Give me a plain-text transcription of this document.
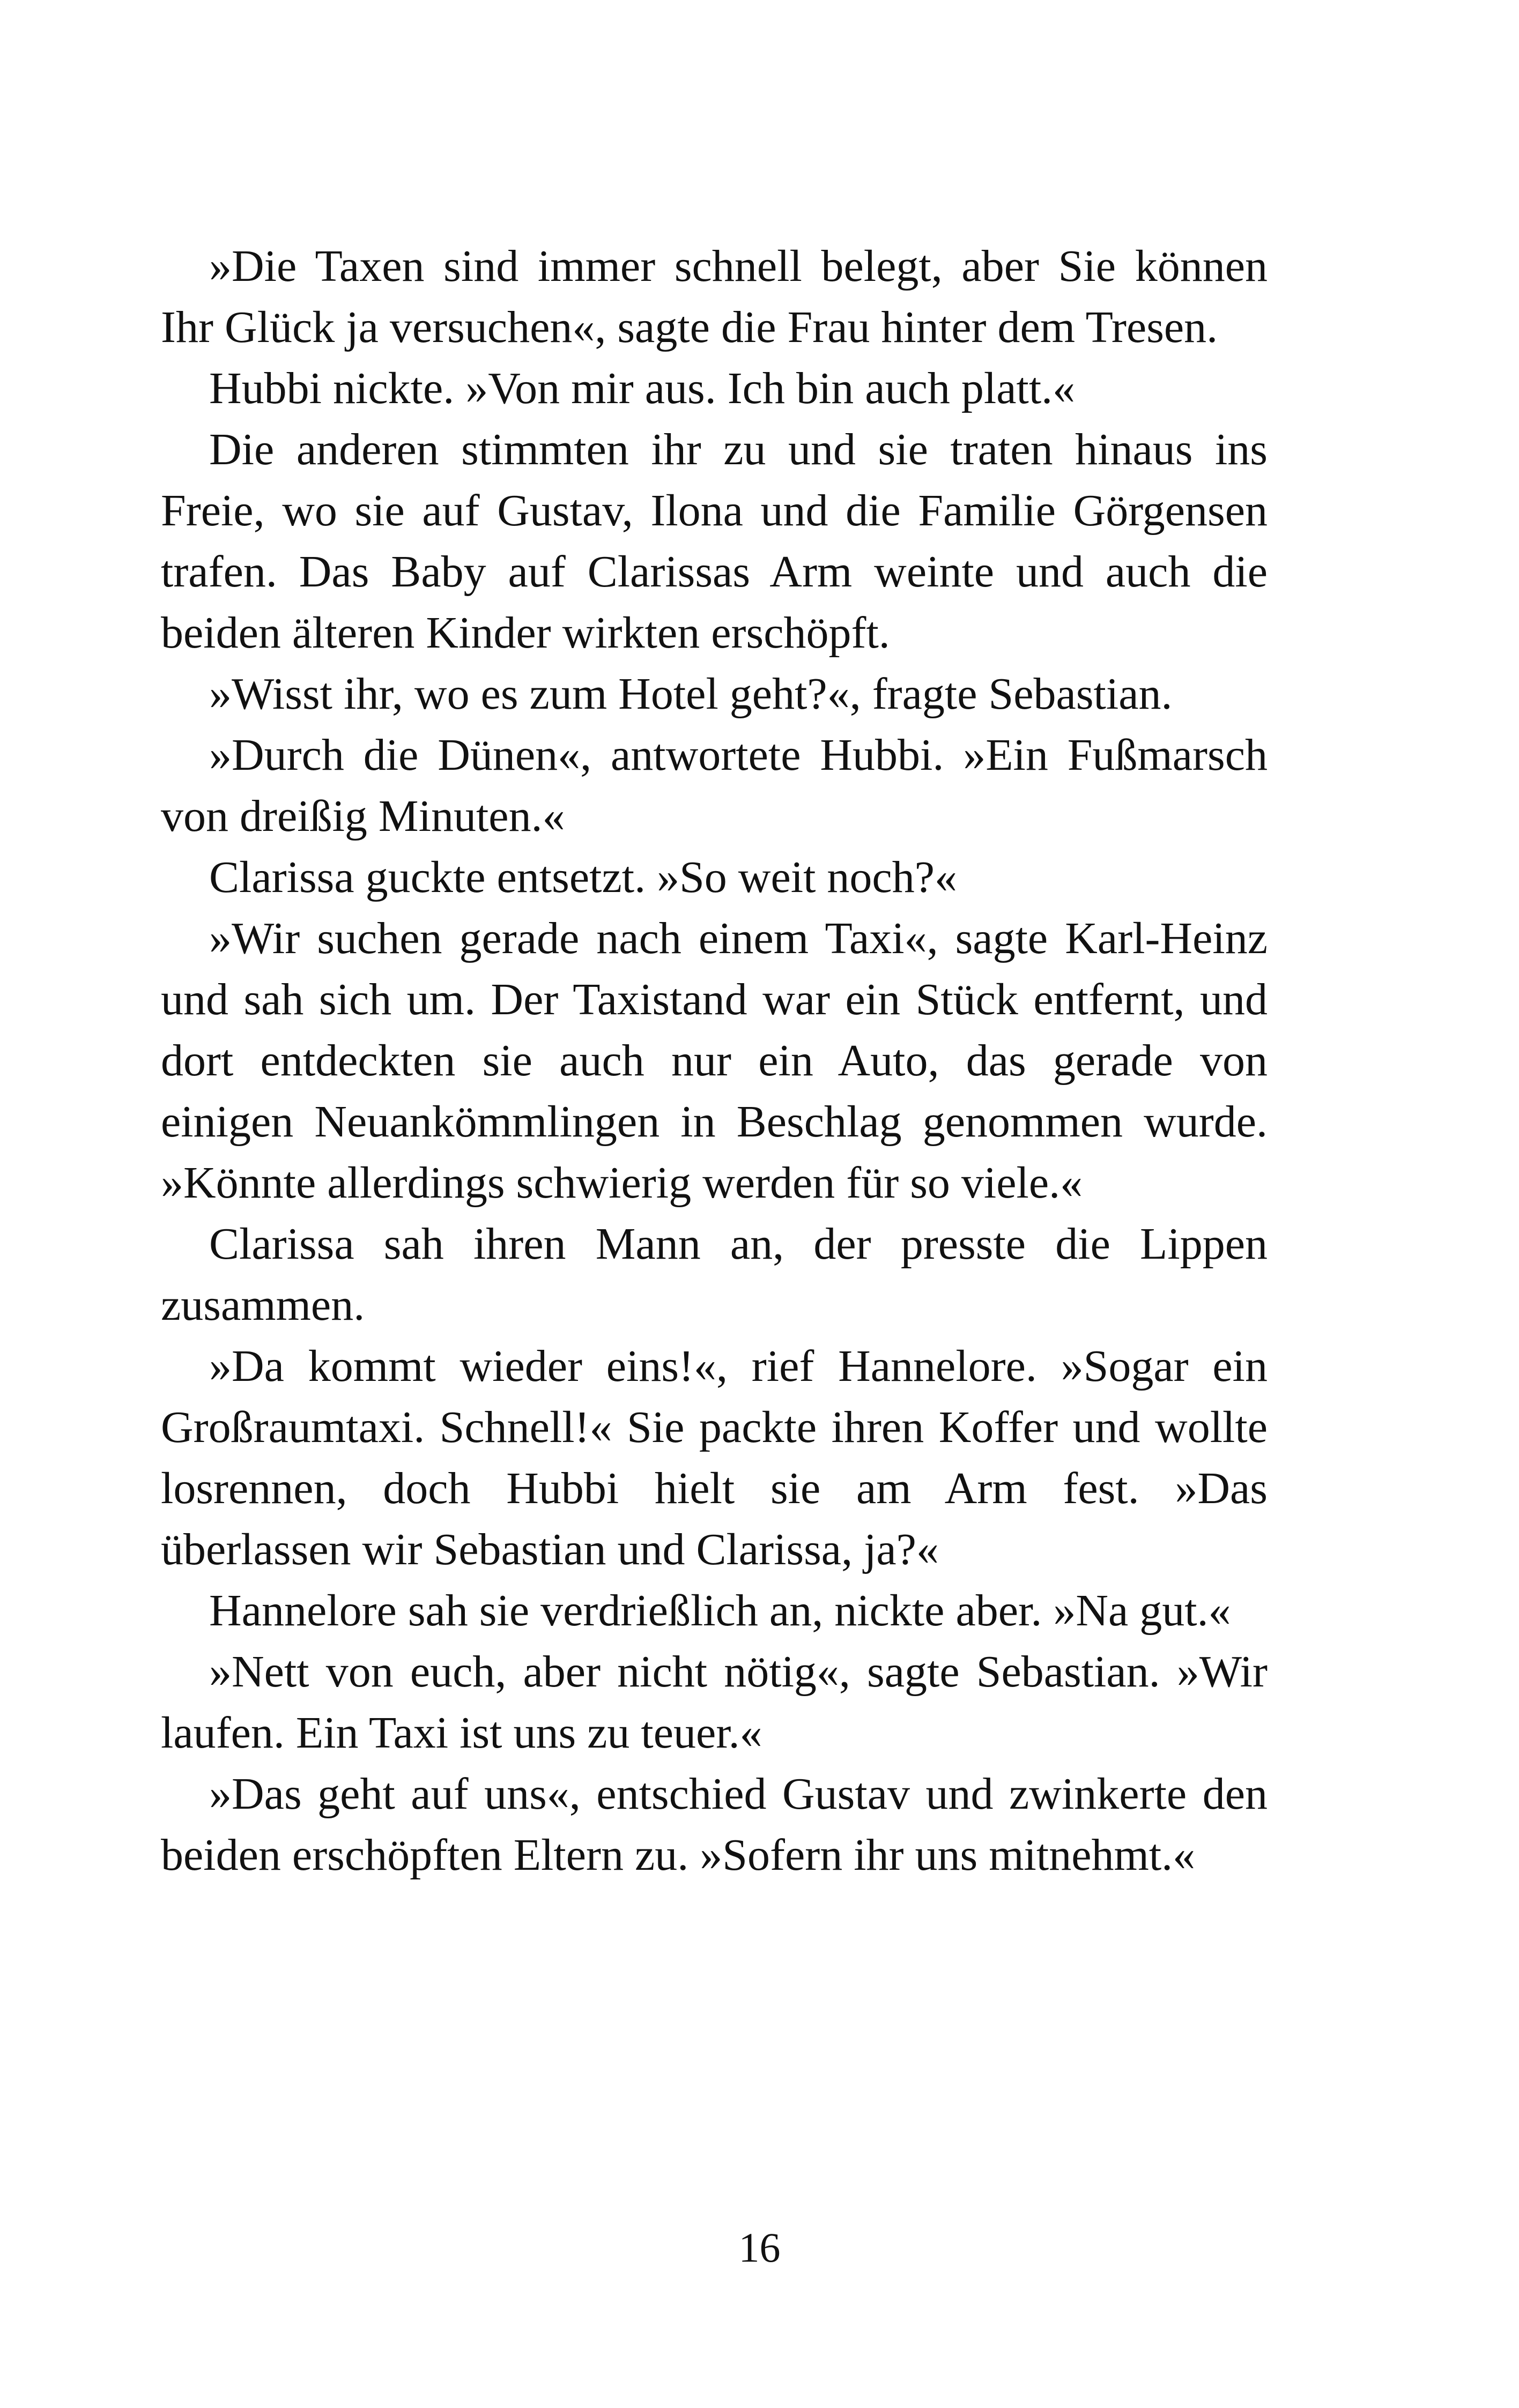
»Die Taxen sind immer schnell belegt, aber Sie können Ihr Glück ja versuchen«, sagte die Frau hinter dem Tresen.

Hubbi nickte. »Von mir aus. Ich bin auch platt.«

Die anderen stimmten ihr zu und sie traten hinaus ins Freie, wo sie auf Gustav, Ilona und die Familie Görgensen trafen. Das Baby auf Clarissas Arm weinte und auch die beiden älteren Kinder wirkten erschöpft.

»Wisst ihr, wo es zum Hotel geht?«, fragte Sebastian.

»Durch die Dünen«, antwortete Hubbi. »Ein Fußmarsch von dreißig Minuten.«

Clarissa guckte entsetzt. »So weit noch?«

»Wir suchen gerade nach einem Taxi«, sagte Karl-Heinz und sah sich um. Der Taxistand war ein Stück entfernt, und dort entdeckten sie auch nur ein Auto, das gerade von einigen Neuankömmlingen in Beschlag genommen wurde. »Könnte allerdings schwierig werden für so viele.«

Clarissa sah ihren Mann an, der presste die Lippen zusammen.

»Da kommt wieder eins!«, rief Hannelore. »Sogar ein Großraumtaxi. Schnell!« Sie packte ihren Koffer und wollte losrennen, doch Hubbi hielt sie am Arm fest. »Das überlassen wir Sebastian und Clarissa, ja?«

Hannelore sah sie verdrießlich an, nickte aber. »Na gut.«

»Nett von euch, aber nicht nötig«, sagte Sebastian. »Wir laufen. Ein Taxi ist uns zu teuer.«

»Das geht auf uns«, entschied Gustav und zwinkerte den beiden erschöpften Eltern zu. »Sofern ihr uns mitnehmt.«

16
